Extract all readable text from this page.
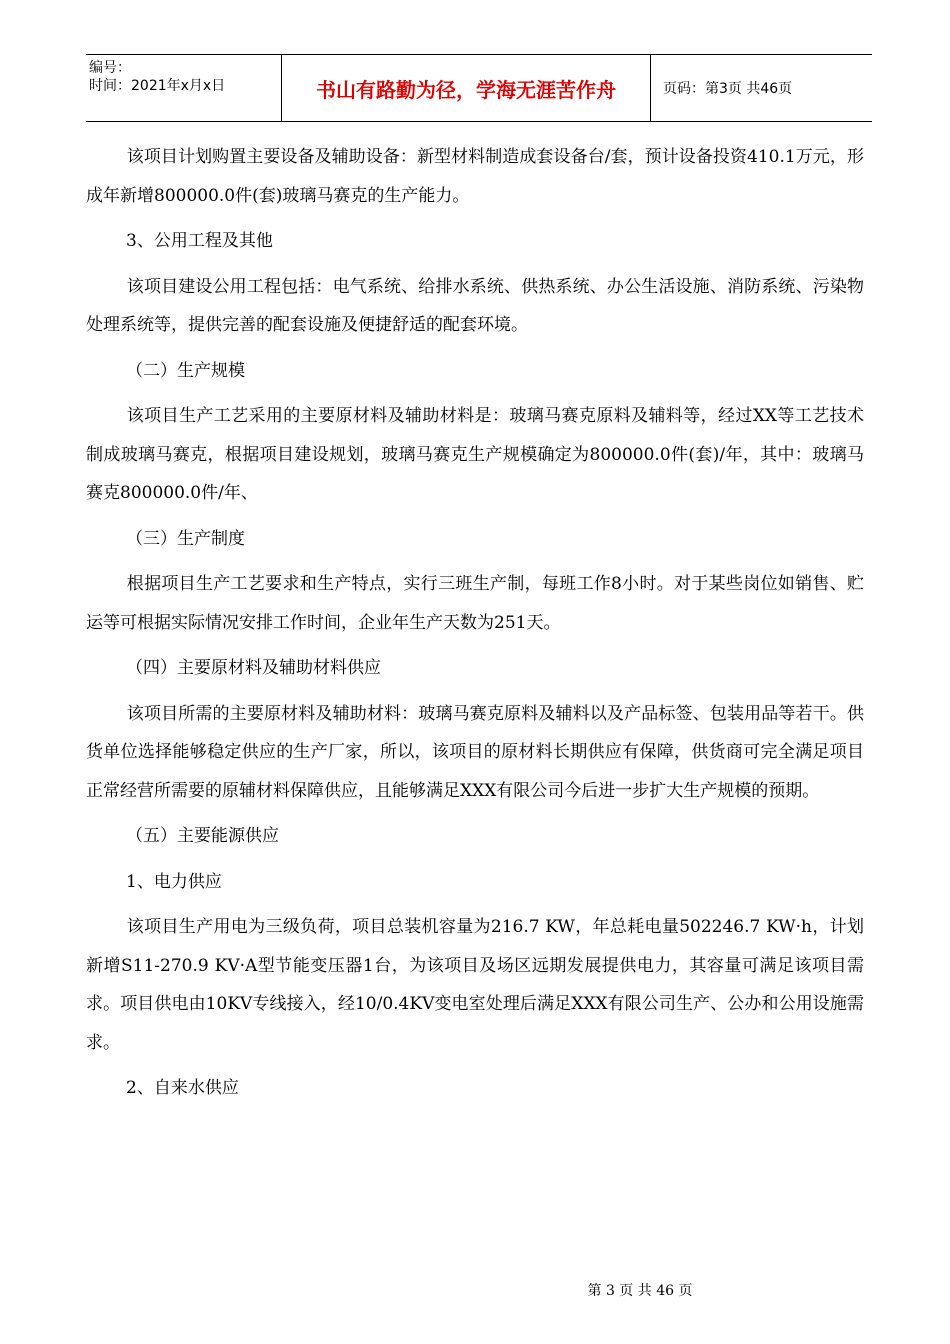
编号：
时间：2021年x月x日	书山有路勤为径，学海无涯苦作舟	页码：第3页 共46页

该项目计划购置主要设备及辅助设备：新型材料制造成套设备台/套，预计设备投资410.1万元，形成年新增800000.0件(套)玻璃马赛克的生产能力。

3、公用工程及其他

该项目建设公用工程包括：电气系统、给排水系统、供热系统、办公生活设施、消防系统、污染物处理系统等，提供完善的配套设施及便捷舒适的配套环境。

（二）生产规模

该项目生产工艺采用的主要原材料及辅助材料是：玻璃马赛克原料及辅料等，经过XX等工艺技术制成玻璃马赛克，根据项目建设规划，玻璃马赛克生产规模确定为800000.0件(套)/年，其中：玻璃马赛克800000.0件/年、

（三）生产制度

根据项目生产工艺要求和生产特点，实行三班生产制，每班工作8小时。对于某些岗位如销售、贮运等可根据实际情况安排工作时间，企业年生产天数为251天。

（四）主要原材料及辅助材料供应

该项目所需的主要原材料及辅助材料：玻璃马赛克原料及辅料以及产品标签、包装用品等若干。供货单位选择能够稳定供应的生产厂家，所以，该项目的原材料长期供应有保障，供货商可完全满足项目正常经营所需要的原辅材料保障供应，且能够满足XXX有限公司今后进一步扩大生产规模的预期。

（五）主要能源供应

1、电力供应

该项目生产用电为三级负荷，项目总装机容量为216.7 KW，年总耗电量502246.7 KW·h，计划新增S11-270.9 KV·A型节能变压器1台，为该项目及场区远期发展提供电力，其容量可满足该项目需求。项目供电由10KV专线接入，经10/0.4KV变电室处理后满足XXX有限公司生产、公办和公用设施需求。

2、自来水供应

第 3 页 共 46 页
